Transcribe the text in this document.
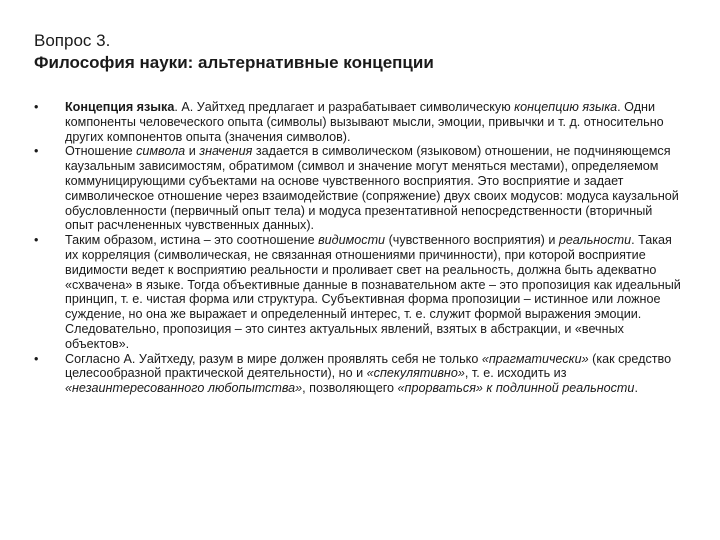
Вопрос 3.
Философия науки: альтернативные концепции
•	Концепция языка. А. Уайтхед предлагает и разрабатывает символическую концепцию языка. Одни компоненты человеческого опыта (символы) вызывают мысли, эмоции, привычки и т. д. относительно других компонентов опыта (значения символов).
•	Отношение символа и значения задается в символическом (языковом) отношении, не подчиняющемся каузальным зависимостям, обратимом (символ и значение могут меняться местами), определяемом коммуницирующими субъектами на основе чувственного восприятия. Это восприятие и задает символическое отношение через взаимодействие (сопряжение) двух своих модусов: модуса каузальной обусловленности (первичный опыт тела) и модуса презентативной непосредственности (вторичный опыт расчлененных чувственных данных).
•	Таким образом, истина – это соотношение видимости (чувственного восприятия) и реальности. Такая их корреляция (символическая, не связанная отношениями причинности), при которой восприятие видимости ведет к восприятию реальности и проливает свет на реальность, должна быть адекватно «схвачена» в языке. Тогда объективные данные в познавательном акте – это пропозиция как идеальный принцип, т. е. чистая форма или структура. Субъективная форма пропозиции – истинное или ложное суждение, но она же выражает и определенный интерес, т. е. служит формой выражения эмоции. Следовательно, пропозиция – это синтез актуальных явлений, взятых в абстракции, и «вечных объектов».
•	Согласно А. Уайтхеду, разум в мире должен проявлять себя не только «прагматически» (как средство целесообразной практической деятельности), но и «спекулятивно», т. е. исходить из «незаинтересованного любопытства», позволяющего «прорваться» к подлинной реальности.
